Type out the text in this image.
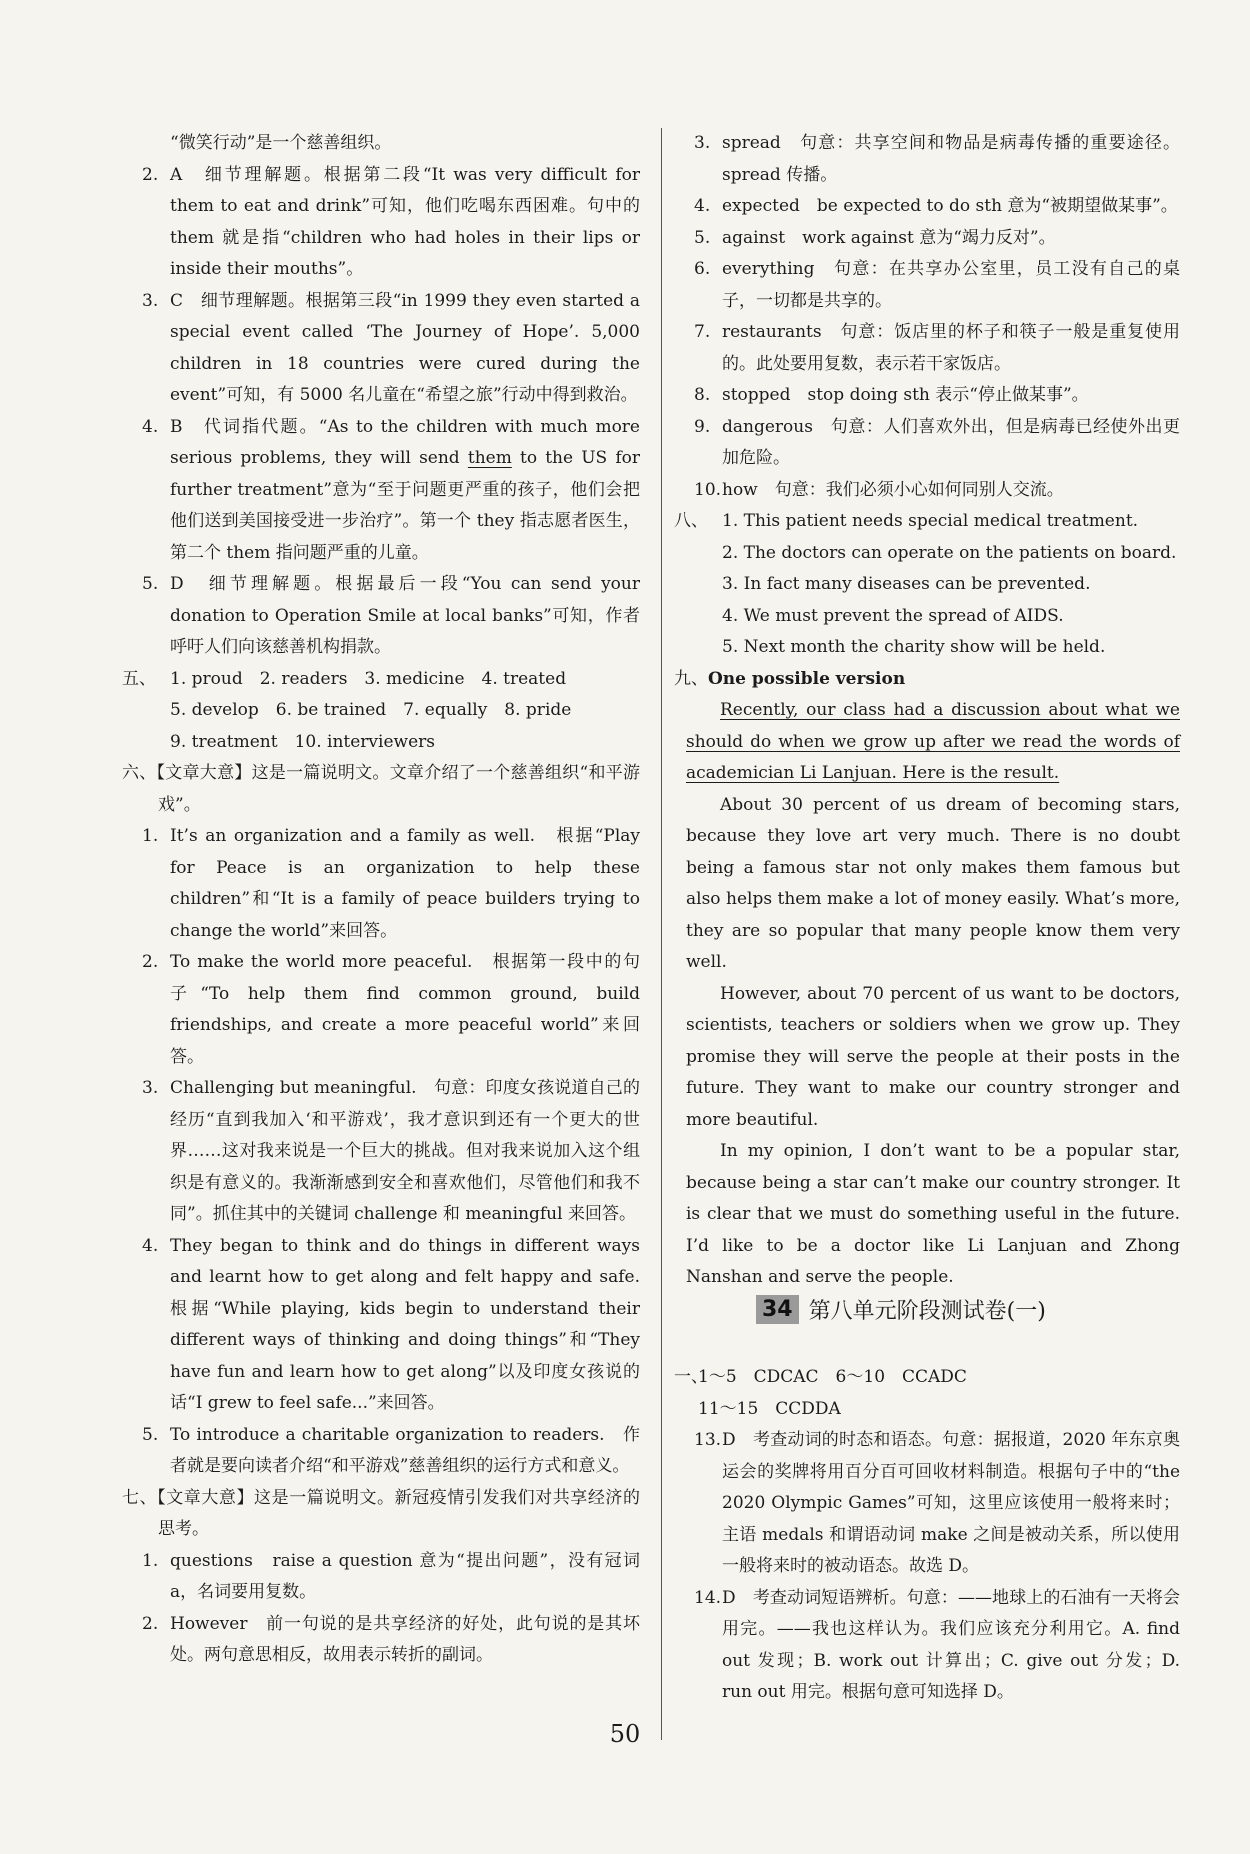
“微笑行动”是一个慈善组织。

2. A　细节理解题。根据第二段“It was very difficult for them to eat and drink”可知，他们吃喝东西困难。句中的 them 就是指“children who had holes in their lips or inside their mouths”。

3. C　细节理解题。根据第三段“in 1999 they even started a special event called ‘The Journey of Hope’. 5,000 children in 18 countries were cured during the event”可知，有 5000 名儿童在“希望之旅”行动中得到救治。

4. B　代词指代题。“As to the children with much more serious problems, they will send them to the US for further treatment”意为“至于问题更严重的孩子，他们会把他们送到美国接受进一步治疗”。第一个 they 指志愿者医生，第二个 them 指问题严重的儿童。

5. D　细节理解题。根据最后一段“You can send your donation to Operation Smile at local banks”可知，作者呼吁人们向该慈善机构捐款。

五、 1. proud　2. readers　3. medicine　4. treated

5. develop　6. be trained　7. equally　8. pride

9. treatment　10. interviewers

六、【文章大意】这是一篇说明文。文章介绍了一个慈善组织“和平游戏”。

1. It’s an organization and a family as well.　根据“Play for Peace is an organization to help these children”和“It is a family of peace builders trying to change the world”来回答。

2. To make the world more peaceful.　根据第一段中的句子“To help them find common ground, build friendships, and create a more peaceful world”来回答。

3. Challenging but meaningful.　句意：印度女孩说道自己的经历“直到我加入‘和平游戏’，我才意识到还有一个更大的世界……这对我来说是一个巨大的挑战。但对我来说加入这个组织是有意义的。我渐渐感到安全和喜欢他们，尽管他们和我不同”。抓住其中的关键词 challenge 和 meaningful 来回答。

4. They began to think and do things in different ways and learnt how to get along and felt happy and safe.　根据“While playing, kids begin to understand their different ways of thinking and doing things”和“They have fun and learn how to get along”以及印度女孩说的话“I grew to feel safe...”来回答。

5. To introduce a charitable organization to readers.　作者就是要向读者介绍“和平游戏”慈善组织的运行方式和意义。

七、【文章大意】这是一篇说明文。新冠疫情引发我们对共享经济的思考。

1. questions　raise a question 意为“提出问题”，没有冠词 a，名词要用复数。

2. However　前一句说的是共享经济的好处，此句说的是其坏处。两句意思相反，故用表示转折的副词。

3. spread　句意：共享空间和物品是病毒传播的重要途径。spread 传播。

4. expected　be expected to do sth 意为“被期望做某事”。

5. against　work against 意为“竭力反对”。

6. everything　句意：在共享办公室里，员工没有自己的桌子，一切都是共享的。

7. restaurants　句意：饭店里的杯子和筷子一般是重复使用的。此处要用复数，表示若干家饭店。

8. stopped　stop doing sth 表示“停止做某事”。

9. dangerous　句意：人们喜欢外出，但是病毒已经使外出更加危险。

10. how　句意：我们必须小心如何同别人交流。

八、 1. This patient needs special medical treatment.

2. The doctors can operate on the patients on board.

3. In fact many diseases can be prevented.

4. We must prevent the spread of AIDS.

5. Next month the charity show will be held.

九、One possible version

Recently, our class had a discussion about what we should do when we grow up after we read the words of academician Li Lanjuan. Here is the result.

About 30 percent of us dream of becoming stars, because they love art very much. There is no doubt being a famous star not only makes them famous but also helps them make a lot of money easily. What’s more, they are so popular that many people know them very well.

However, about 70 percent of us want to be doctors, scientists, teachers or soldiers when we grow up. They promise they will serve the people at their posts in the future. They want to make our country stronger and more beautiful.

In my opinion, I don’t want to be a popular star, because being a star can’t make our country stronger. It is clear that we must do something useful in the future. I’d like to be a doctor like Li Lanjuan and Zhong Nanshan and serve the people.

34 第八单元阶段测试卷(一)
一、

1～5　CDCAC　6～10　CCADC

11～15　CCDDA

13. D　考查动词的时态和语态。句意：据报道，2020 年东京奥运会的奖牌将用百分百可回收材料制造。根据句子中的“the 2020 Olympic Games”可知，这里应该使用一般将来时；主语 medals 和谓语动词 make 之间是被动关系，所以使用一般将来时的被动语态。故选 D。

14. D　考查动词短语辨析。句意：——地球上的石油有一天将会用完。——我也这样认为。我们应该充分利用它。A. find out 发现；B. work out 计算出；C. give out 分发；D. run out 用完。根据句意可知选择 D。

50
